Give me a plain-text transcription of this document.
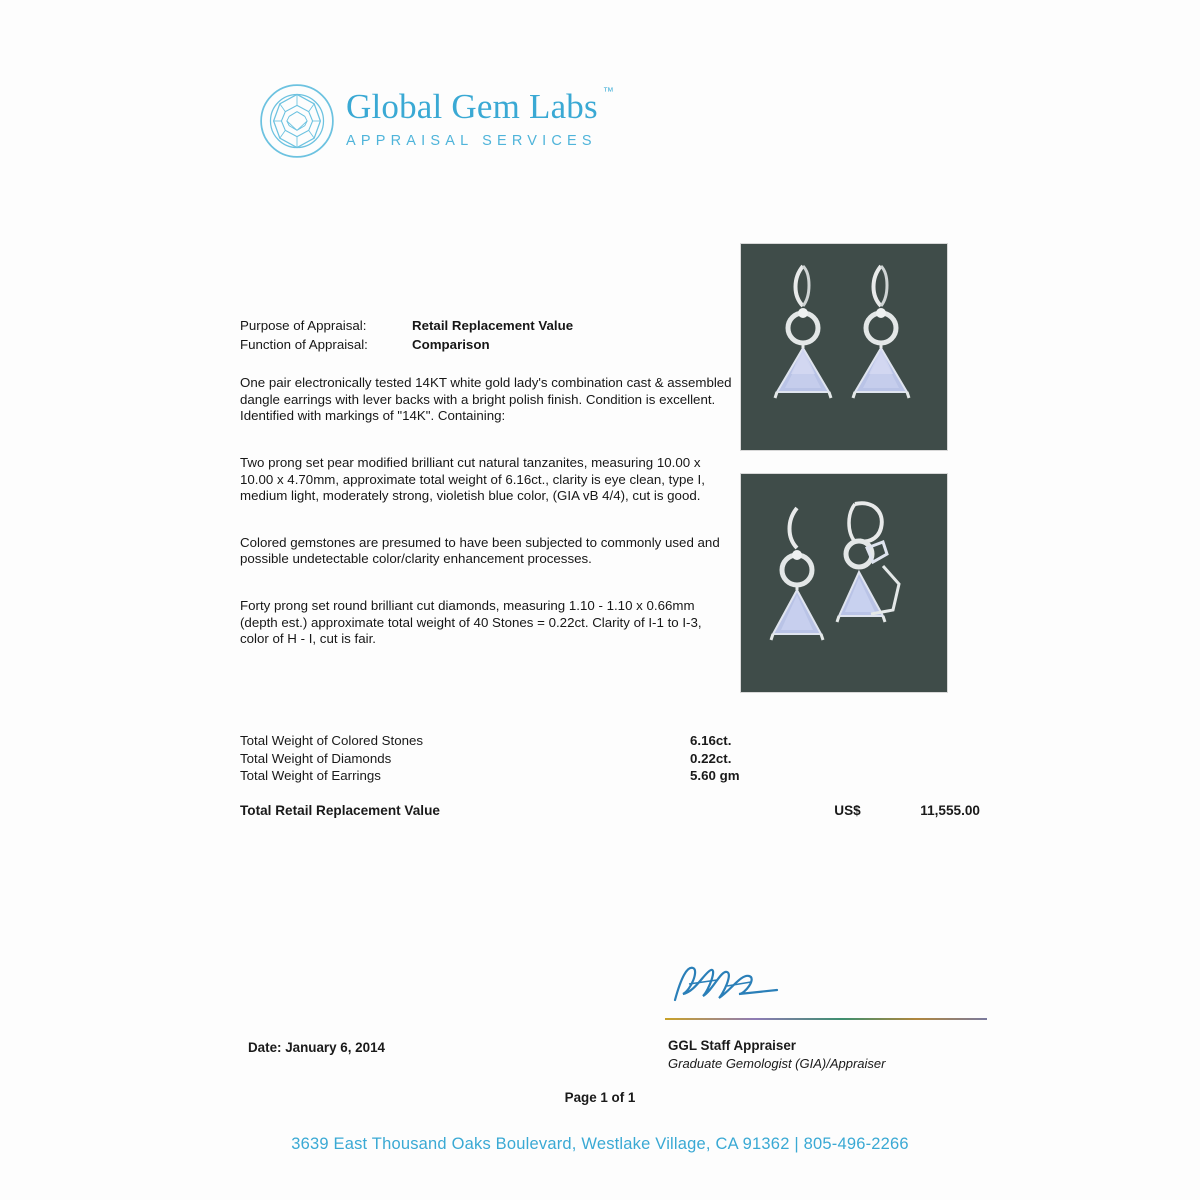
Global Gem Labs ™
APPRAISAL SERVICES
Purpose of Appraisal:	Retail Replacement Value
Function of Appraisal:	Comparison
One pair electronically tested 14KT white gold lady's combination cast & assembled dangle earrings with lever backs with a bright polish finish. Condition is excellent. Identified with markings of "14K". Containing:
Two prong set pear modified brilliant cut natural tanzanites, measuring 10.00 x 10.00 x 4.70mm, approximate total weight of 6.16ct., clarity is eye clean, type I, medium light, moderately strong, violetish blue color, (GIA vB 4/4), cut is good.
Colored gemstones are presumed to have been subjected to commonly used and possible undetectable color/clarity enhancement processes.
Forty prong set round brilliant cut diamonds, measuring 1.10 - 1.10 x 0.66mm (depth est.) approximate total weight of 40 Stones = 0.22ct. Clarity of I-1 to I-3, color of H - I, cut is fair.
Total Weight of Colored Stones	6.16ct.
Total Weight of Diamonds	0.22ct.
Total Weight of Earrings	5.60 gm
Total Retail Replacement Value	US$	11,555.00
GGL Staff Appraiser
Graduate Gemologist (GIA)/Appraiser
Date: January 6, 2014
Page 1 of 1
3639 East Thousand Oaks Boulevard, Westlake Village, CA 91362 | 805-496-2266
